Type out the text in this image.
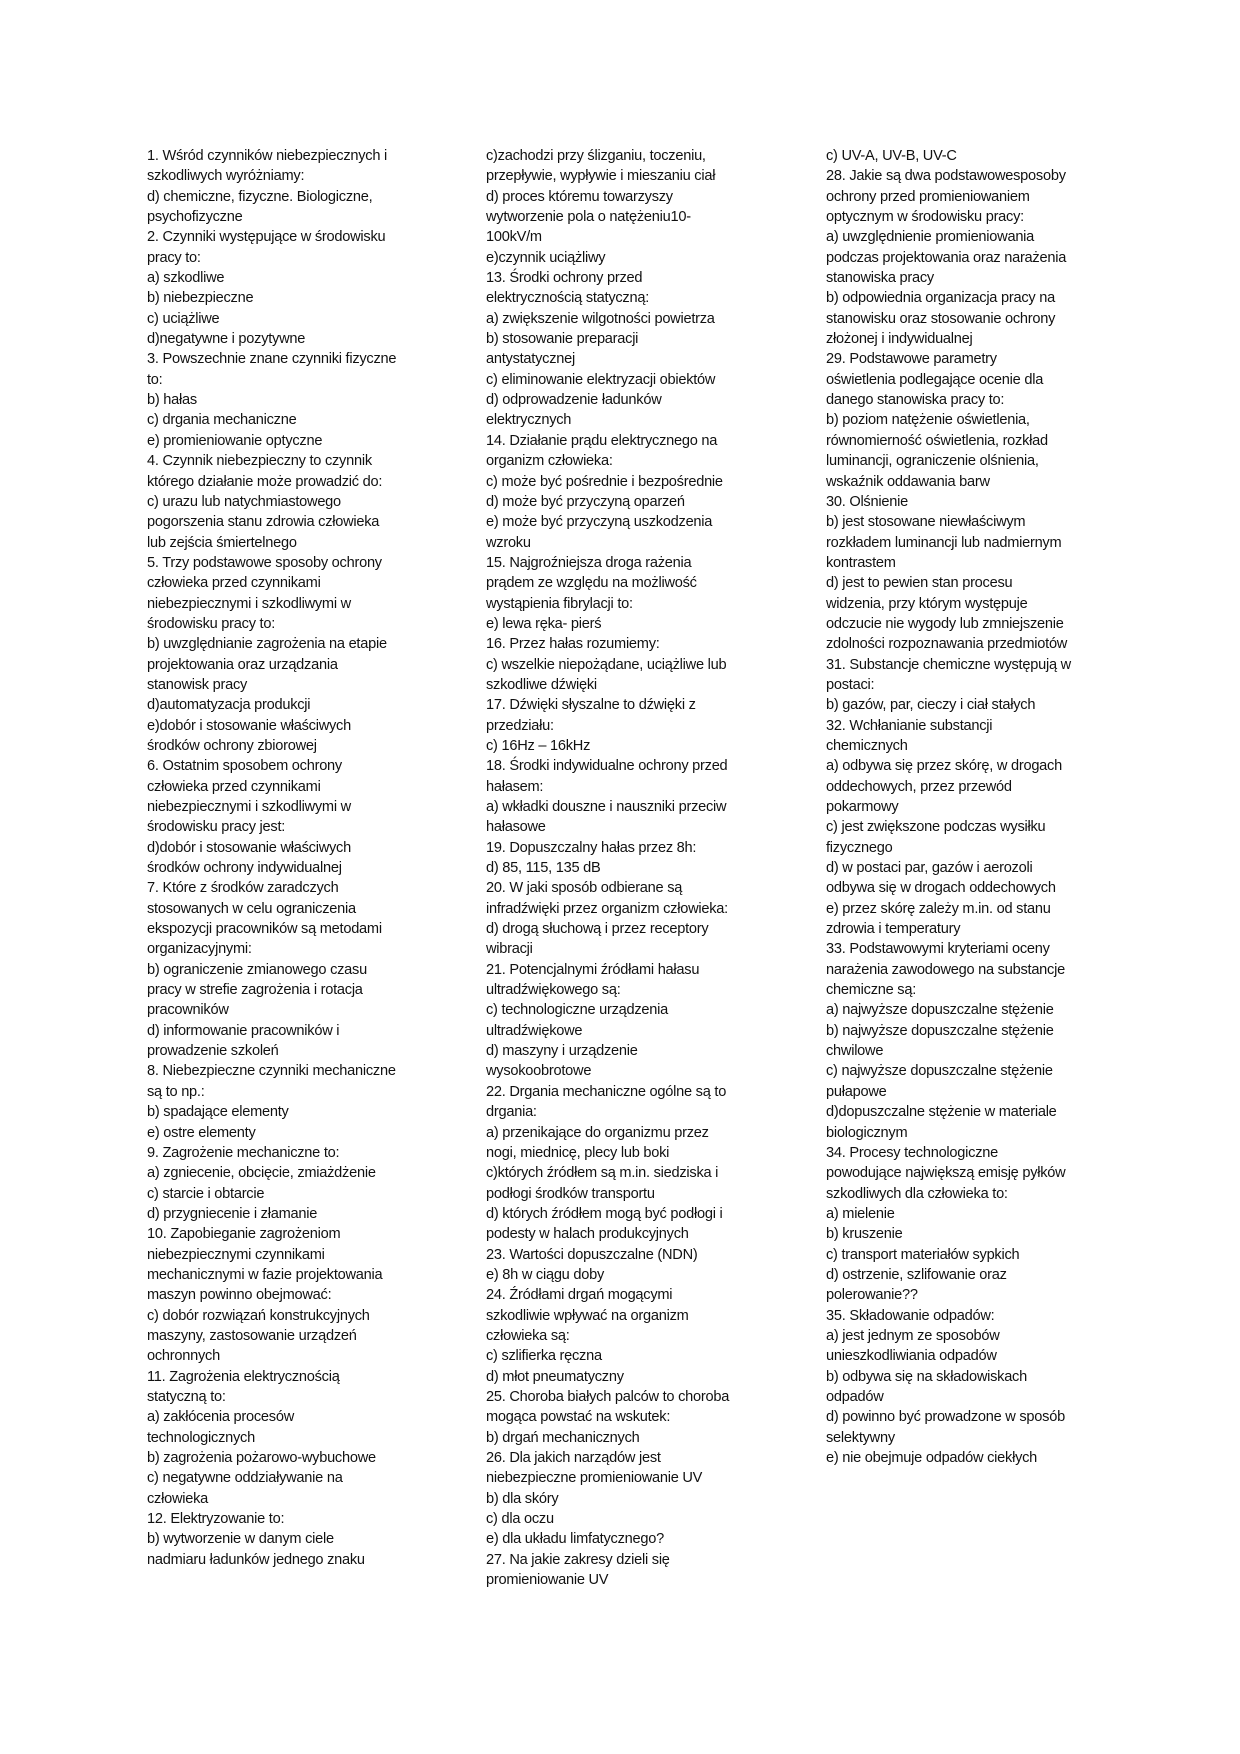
1. Wśród czynników niebezpiecznych i
szkodliwych wyróżniamy:
d) chemiczne, fizyczne. Biologiczne,
psychofizyczne
2. Czynniki występujące w środowisku
pracy to:
a) szkodliwe
b) niebezpieczne
c) uciążliwe
d)negatywne i pozytywne
3. Powszechnie znane czynniki fizyczne
to:
b) hałas
c) drgania mechaniczne
e) promieniowanie optyczne
4. Czynnik niebezpieczny to czynnik
którego działanie może prowadzić do:
c) urazu lub natychmiastowego
pogorszenia stanu zdrowia człowieka
lub zejścia śmiertelnego
5. Trzy podstawowe sposoby ochrony
człowieka przed czynnikami
niebezpiecznymi i szkodliwymi w
środowisku pracy to:
b) uwzględnianie zagrożenia na etapie
projektowania oraz urządzania
stanowisk pracy
d)automatyzacja produkcji
e)dobór i stosowanie właściwych
środków ochrony zbiorowej
6. Ostatnim sposobem ochrony
człowieka przed czynnikami
niebezpiecznymi i szkodliwymi w
środowisku pracy jest:
d)dobór i stosowanie właściwych
środków ochrony indywidualnej
7. Które z środków zaradczych
stosowanych w celu ograniczenia
ekspozycji pracowników są metodami
organizacyjnymi:
b) ograniczenie zmianowego czasu
pracy w strefie zagrożenia i rotacja
pracowników
d) informowanie pracowników i
prowadzenie szkoleń
8. Niebezpieczne czynniki mechaniczne
są to np.:
b) spadające elementy
e) ostre elementy
9. Zagrożenie mechaniczne to:
a) zgniecenie, obcięcie, zmiażdżenie
c) starcie i obtarcie
d) przygniecenie i złamanie
10. Zapobieganie zagrożeniom
niebezpiecznymi czynnikami
mechanicznymi w fazie projektowania
maszyn powinno obejmować:
c) dobór rozwiązań konstrukcyjnych
maszyny, zastosowanie urządzeń
ochronnych
11. Zagrożenia elektrycznością
statyczną to:
a) zakłócenia procesów
technologicznych
b) zagrożenia pożarowo-wybuchowe
c) negatywne oddziaływanie na
człowieka
12. Elektryzowanie to:
b) wytworzenie w danym ciele
nadmiaru ładunków jednego znaku
c)zachodzi przy ślizganiu, toczeniu,
przepływie, wypływie i mieszaniu ciał
d) proces któremu towarzyszy
wytworzenie pola o natężeniu10-
100kV/m
e)czynnik uciążliwy
13. Środki ochrony przed
elektrycznością statyczną:
a) zwiększenie wilgotności powietrza
b) stosowanie preparacji
antystatycznej
c) eliminowanie elektryzacji obiektów
d) odprowadzenie ładunków
elektrycznych
14. Działanie prądu elektrycznego na
organizm człowieka:
c) może być pośrednie i bezpośrednie
d) może być przyczyną oparzeń
e) może być przyczyną uszkodzenia
wzroku
15. Najgroźniejsza droga rażenia
prądem ze względu na możliwość
wystąpienia fibrylacji to:
e) lewa ręka- pierś
16. Przez hałas rozumiemy:
c) wszelkie niepożądane, uciążliwe lub
szkodliwe dźwięki
17. Dźwięki słyszalne to dźwięki z
przedziału:
c) 16Hz – 16kHz
18. Środki indywidualne ochrony przed
hałasem:
a) wkładki douszne i nauszniki przeciw
hałasowe
19. Dopuszczalny hałas przez 8h:
d) 85, 115, 135 dB
20. W jaki sposób odbierane są
infradźwięki przez organizm człowieka:
d) drogą słuchową i przez receptory
wibracji
21. Potencjalnymi źródłami hałasu
ultradźwiękowego są:
c) technologiczne urządzenia
ultradźwiękowe
d) maszyny i urządzenie
wysokoobrotowe
22. Drgania mechaniczne ogólne są to
drgania:
a) przenikające do organizmu przez
nogi, miednicę, plecy lub boki
c)których źródłem są m.in. siedziska i
podłogi środków transportu
d) których źródłem mogą być podłogi i
podesty w halach produkcyjnych
23. Wartości dopuszczalne (NDN)
e) 8h w ciągu doby
24. Źródłami drgań mogącymi
szkodliwie wpływać na organizm
człowieka są:
c) szlifierka ręczna
d) młot pneumatyczny
25. Choroba białych palców to choroba
mogąca powstać na wskutek:
b) drgań mechanicznych
26. Dla jakich narządów jest
niebezpieczne promieniowanie UV
b) dla skóry
c) dla oczu
e) dla układu limfatycznego?
27. Na jakie zakresy dzieli się
promieniowanie UV
c) UV-A, UV-B, UV-C
28. Jakie są dwa podstawowesposoby
ochrony przed promieniowaniem
optycznym w środowisku pracy:
a) uwzględnienie promieniowania
podczas projektowania oraz narażenia
stanowiska pracy
b) odpowiednia organizacja pracy na
stanowisku oraz stosowanie ochrony
złożonej i indywidualnej
29. Podstawowe parametry
oświetlenia podlegające ocenie dla
danego stanowiska pracy to:
b) poziom natężenie oświetlenia,
równomierność oświetlenia, rozkład
luminancji, ograniczenie olśnienia,
wskaźnik oddawania barw
30. Olśnienie
b) jest stosowane niewłaściwym
rozkładem luminancji lub nadmiernym
kontrastem
d) jest to pewien stan procesu
widzenia, przy którym występuje
odczucie nie wygody lub zmniejszenie
zdolności rozpoznawania przedmiotów
31. Substancje chemiczne występują w
postaci:
b) gazów, par, cieczy i ciał stałych
32. Wchłanianie substancji
chemicznych
a) odbywa się przez skórę, w drogach
oddechowych, przez przewód
pokarmowy
c) jest zwiększone podczas wysiłku
fizycznego
d) w postaci par, gazów i aerozoli
odbywa się w drogach oddechowych
e) przez skórę zależy m.in. od stanu
zdrowia i temperatury
33. Podstawowymi kryteriami oceny
narażenia zawodowego na substancje
chemiczne są:
a) najwyższe dopuszczalne stężenie
b) najwyższe dopuszczalne stężenie
chwilowe
c) najwyższe dopuszczalne stężenie
pułapowe
d)dopuszczalne stężenie w materiale
biologicznym
34. Procesy technologiczne
powodujące największą emisję pyłków
szkodliwych dla człowieka to:
a) mielenie
b) kruszenie
c) transport materiałów sypkich
d) ostrzenie, szlifowanie oraz
polerowanie??
35. Składowanie odpadów:
a) jest jednym ze sposobów
unieszkodliwiania odpadów
b) odbywa się na składowiskach
odpadów
d) powinno być prowadzone w sposób
selektywny
e) nie obejmuje odpadów ciekłych
